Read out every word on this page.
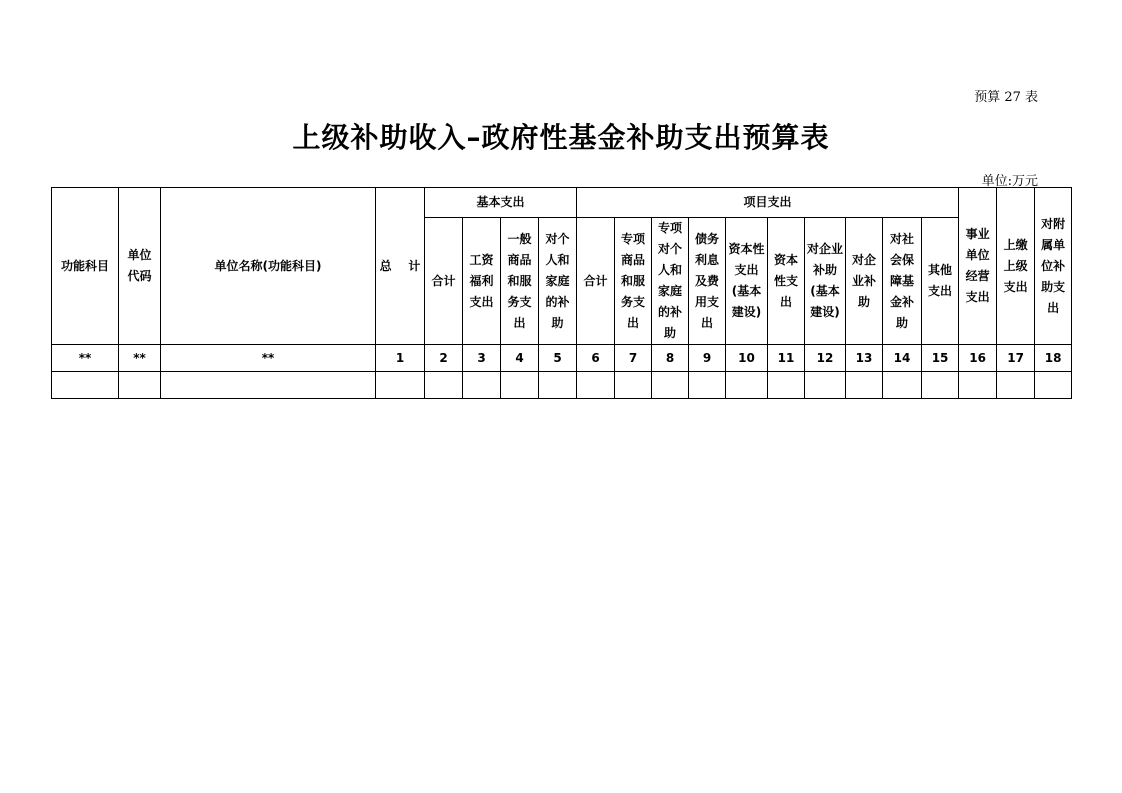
预算 27 表
上级补助收入–政府性基金补助支出预算表
单位:万元
功能科目	单位代码	单位名称(功能科目)	总    计	基本支出				项目支出										事业单位经营支出	上缴上级支出	对附属单位补助支出
				合计	工资福利支出	一般商品和服务支出	对个人和家庭的补助	合计	专项商品和服务支出	专项对个人和家庭的补助	债务利息及费用支出	资本性支出(基本建设)	资本性支出	对企业补助(基本建设)	对企业补助	对社会保障基金补助	其他支出			
**	**	**	1	2	3	4	5	6	7	8	9	10	11	12	13	14	15	16	17	18
